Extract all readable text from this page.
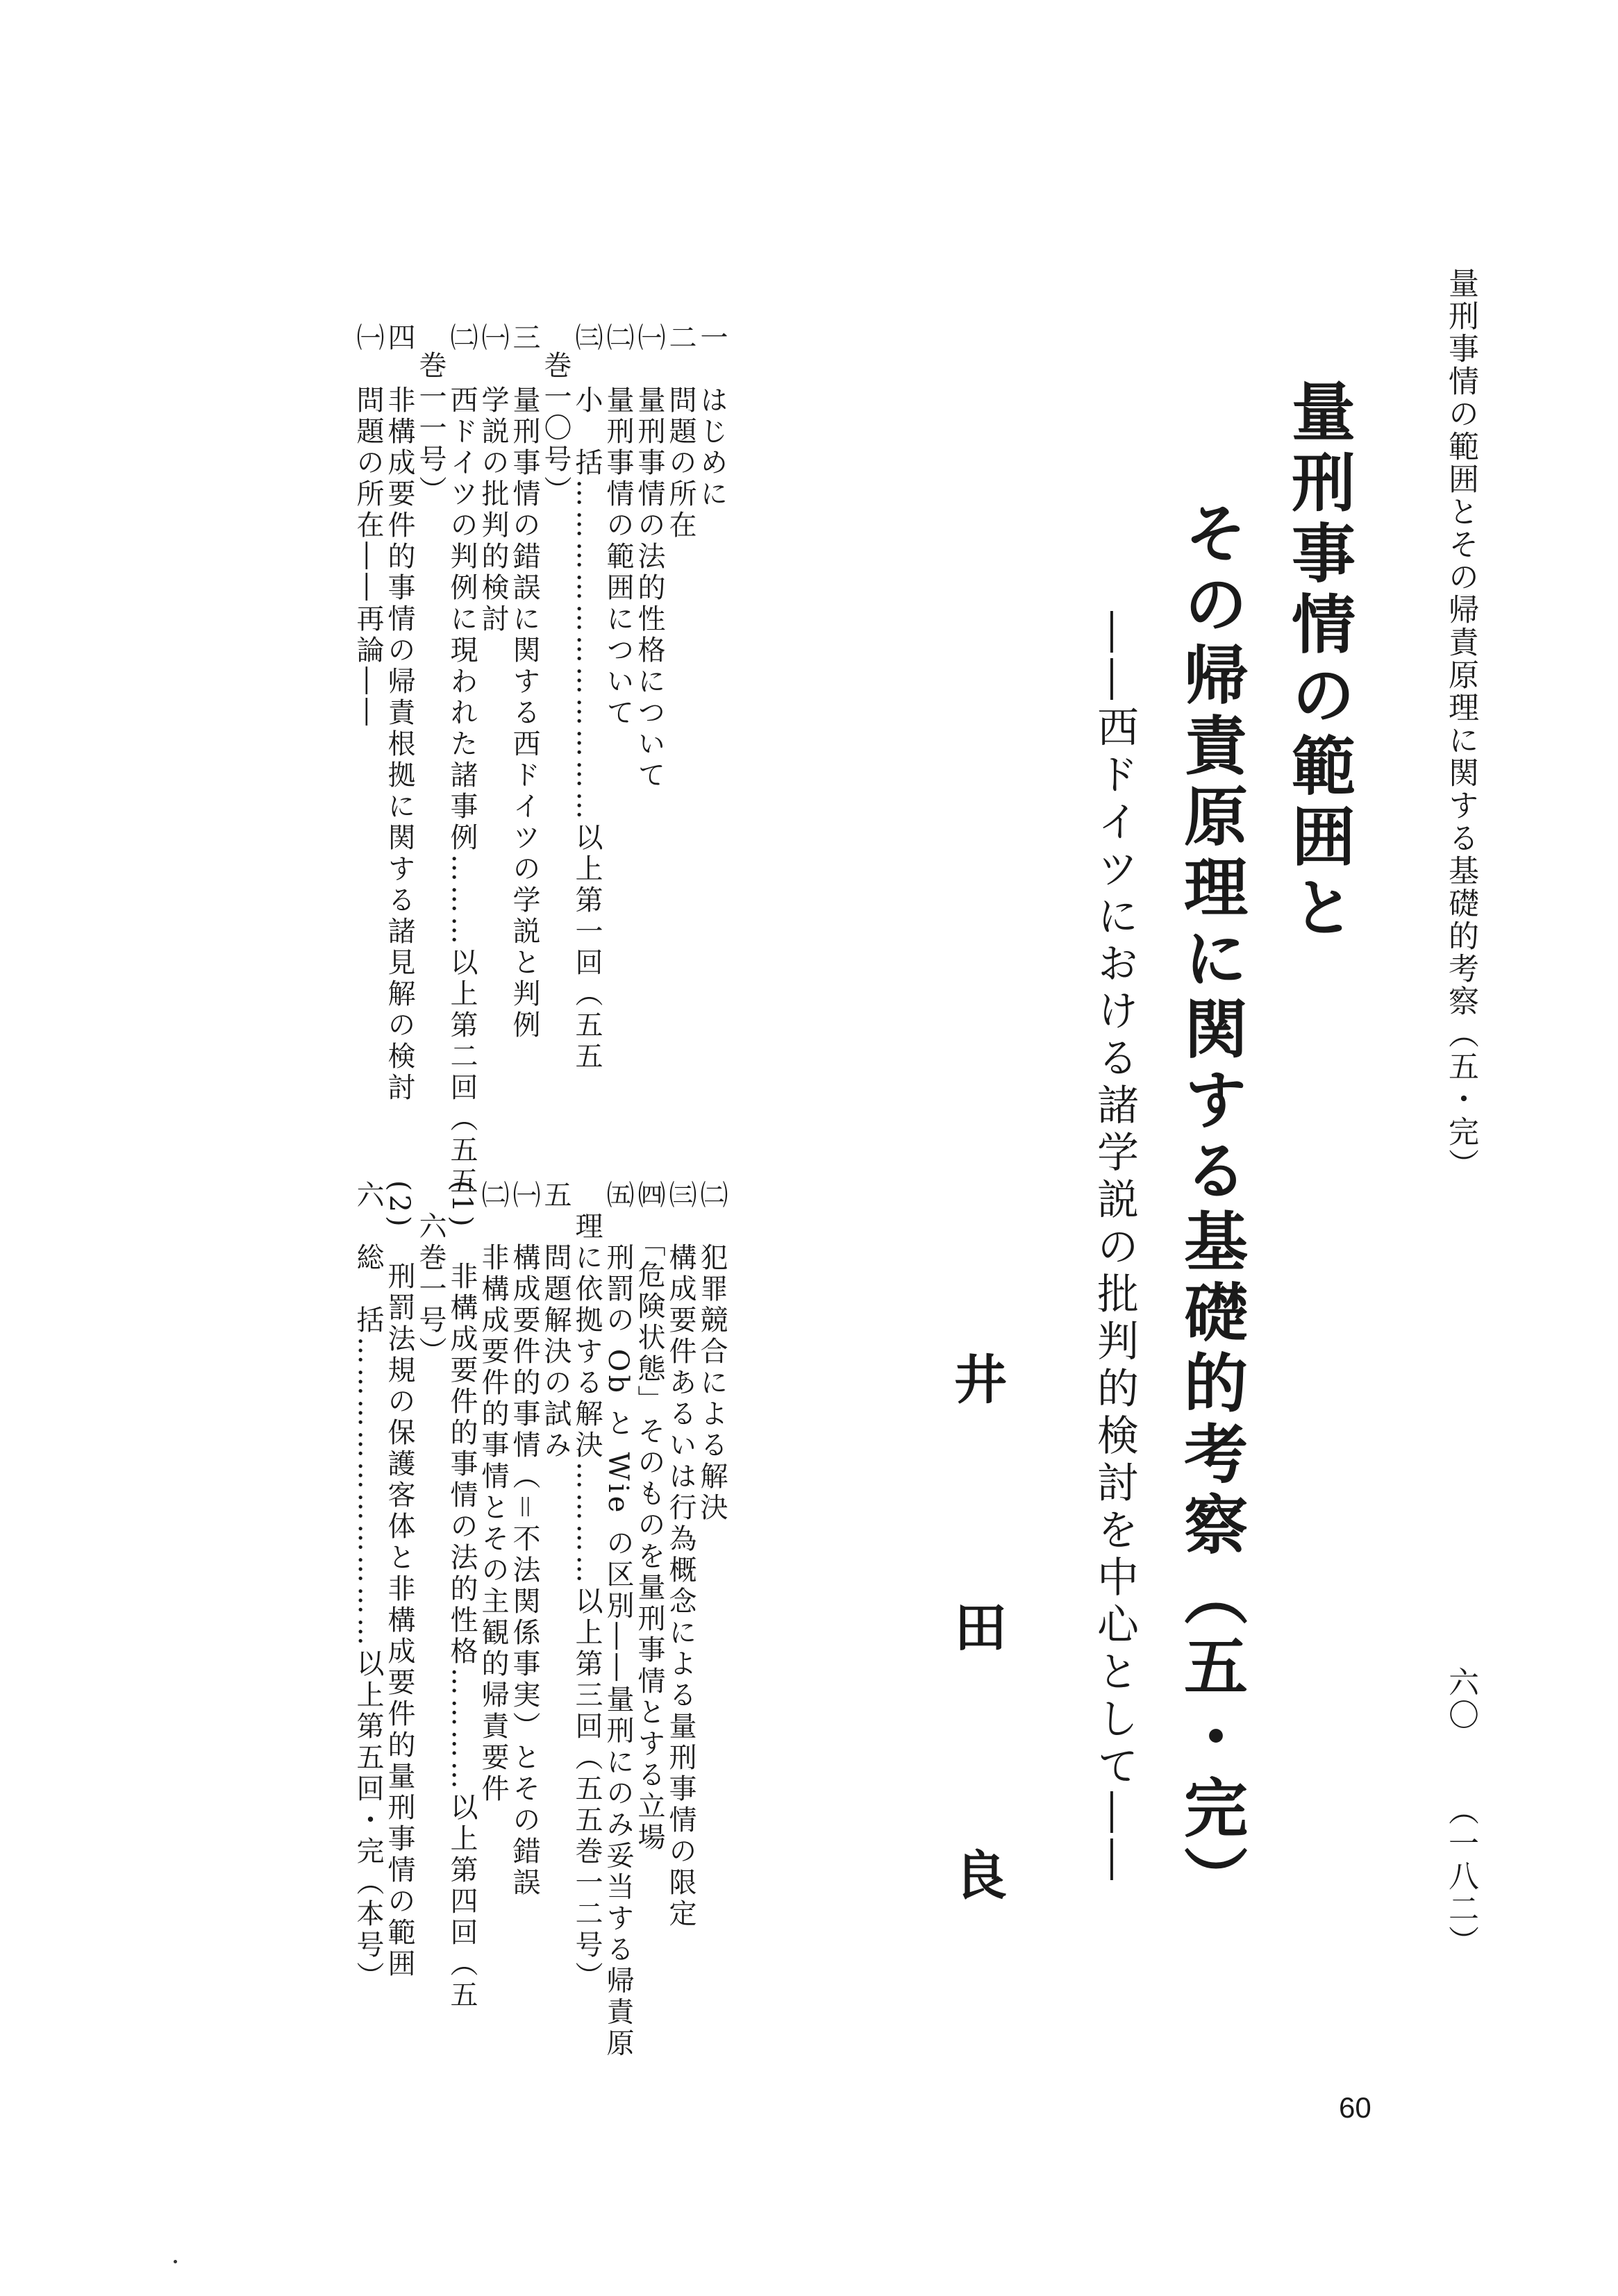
量刑事情の範囲とその帰責原理に関する基礎的考察（五・完）
六〇
（一八二）
量刑事情の範囲と
その帰責原理に関する基礎的考察（五・完）
――西ドイツにおける諸学説の批判的検討を中心として――
井
田
良
一　はじめに
二　問題の所在
㈠　量刑事情の法的性格について
㈡　量刑事情の範囲について
㈢　小　括……………………………以上第一回（五五
巻一〇号）
三　量刑事情の錯誤に関する西ドイツの学説と判例
㈠　学説の批判的検討
㈡　西ドイツの判例に現われた諸事例………以上第二回（五五
巻一一号）
四　非構成要件的事情の帰責根拠に関する諸見解の検討
㈠　問題の所在――再論――
㈡　犯罪競合による解決
㈢　構成要件あるいは行為概念による量刑事情の限定
㈣　「危険状態」そのものを量刑事情とする立場
㈤　刑罰の Ob と Wie の区別――量刑にのみ妥当する帰責原
理に依拠する解決…………以上第三回（五五巻一二号）
五　問題解決の試み
㈠　構成要件的事情（＝不法関係事実）とその錯誤
㈡　非構成要件的事情とその主観的帰責要件
(1)　非構成要件的事情の法的性格…………以上第四回（五
六巻一号）
(2)　刑罰法規の保護客体と非構成要件的量刑事情の範囲
六　総　括…………………………以上第五回・完（本号）
60
